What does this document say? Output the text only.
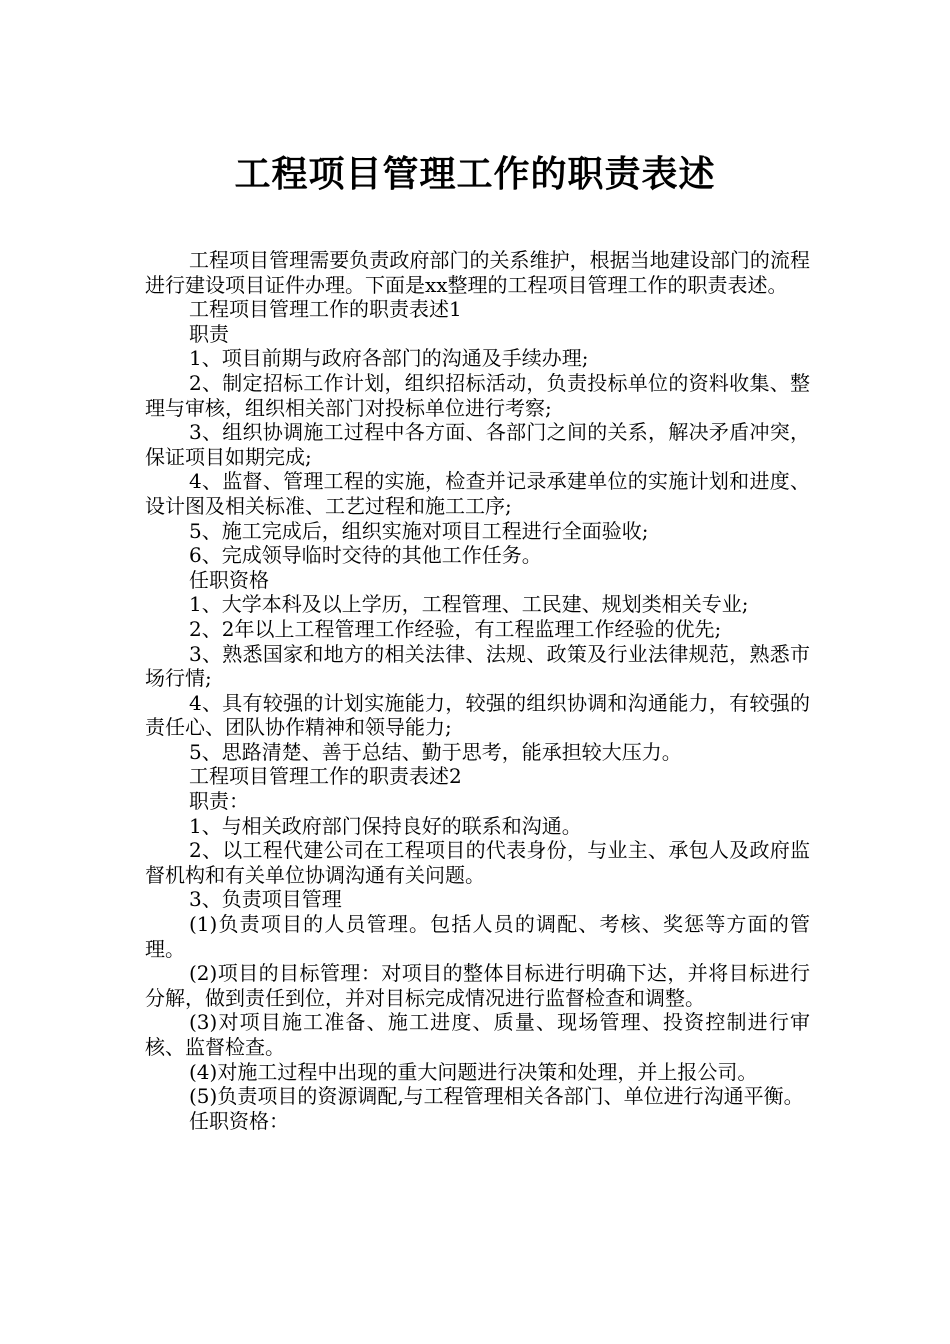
工程项目管理工作的职责表述

工程项目管理需要负责政府部门的关系维护，根据当地建设部门的流程进行建设项目证件办理。下面是xx整理的工程项目管理工作的职责表述。

工程项目管理工作的职责表述1

职责

1、项目前期与政府各部门的沟通及手续办理;

2、制定招标工作计划，组织招标活动，负责投标单位的资料收集、整理与审核，组织相关部门对投标单位进行考察;

3、组织协调施工过程中各方面、各部门之间的关系，解决矛盾冲突，保证项目如期完成;

4、监督、管理工程的实施，检查并记录承建单位的实施计划和进度、设计图及相关标准、工艺过程和施工工序;

5、施工完成后，组织实施对项目工程进行全面验收;

6、完成领导临时交待的其他工作任务。

任职资格

1、大学本科及以上学历，工程管理、工民建、规划类相关专业;

2、2年以上工程管理工作经验，有工程监理工作经验的优先;

3、熟悉国家和地方的相关法律、法规、政策及行业法律规范，熟悉市场行情;

4、具有较强的计划实施能力，较强的组织协调和沟通能力，有较强的责任心、团队协作精神和领导能力;

5、思路清楚、善于总结、勤于思考，能承担较大压力。

工程项目管理工作的职责表述2

职责：

1、与相关政府部门保持良好的联系和沟通。

2、以工程代建公司在工程项目的代表身份，与业主、承包人及政府监督机构和有关单位协调沟通有关问题。

3、负责项目管理

(1)负责项目的人员管理。包括人员的调配、考核、奖惩等方面的管理。

(2)项目的目标管理：对项目的整体目标进行明确下达，并将目标进行分解，做到责任到位，并对目标完成情况进行监督检查和调整。

(3)对项目施工准备、施工进度、质量、现场管理、投资控制进行审核、监督检查。

(4)对施工过程中出现的重大问题进行决策和处理，并上报公司。

(5)负责项目的资源调配,与工程管理相关各部门、单位进行沟通平衡。

任职资格：
